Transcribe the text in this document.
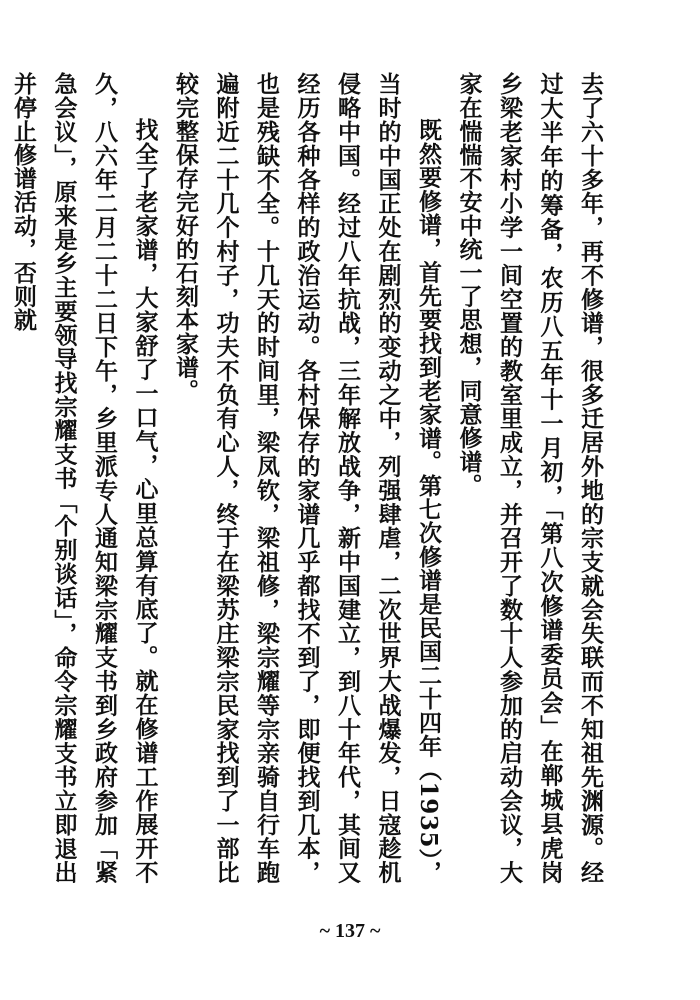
去了六十多年，再不修谱，很多迁居外地的宗支就会失联而不知祖先渊源。经过大半年的筹备，农历八五年十一月初，「第八次修谱委员会」在郸城县虎岗乡梁老家村小学一间空置的教室里成立，并召开了数十人参加的启动会议，大家在惴惴不安中统一了思想，同意修谱。

既然要修谱，首先要找到老家谱。第七次修谱是民国二十四年（1935），当时的中国正处在剧烈的变动之中，列强肆虐，二次世界大战爆发，日寇趁机侵略中国。经过八年抗战，三年解放战争，新中国建立，到八十年代，其间又经历各种各样的政治运动。各村保存的家谱几乎都找不到了，即便找到几本，也是残缺不全。十几天的时间里，梁凤钦，梁祖修，梁宗耀等宗亲骑自行车跑遍附近二十几个村子，功夫不负有心人，终于在梁苏庄梁宗民家找到了一部比较完整保存完好的石刻本家谱。

找全了老家谱，大家舒了一口气，心里总算有底了。就在修谱工作展开不久，八六年二月二十二日下午，乡里派专人通知梁宗耀支书到乡政府参加「紧急会议」，原来是乡主要领导找宗耀支书「个别谈话」，命令宗耀支书立即退出并停止修谱活动，否则就

~ 137 ~
